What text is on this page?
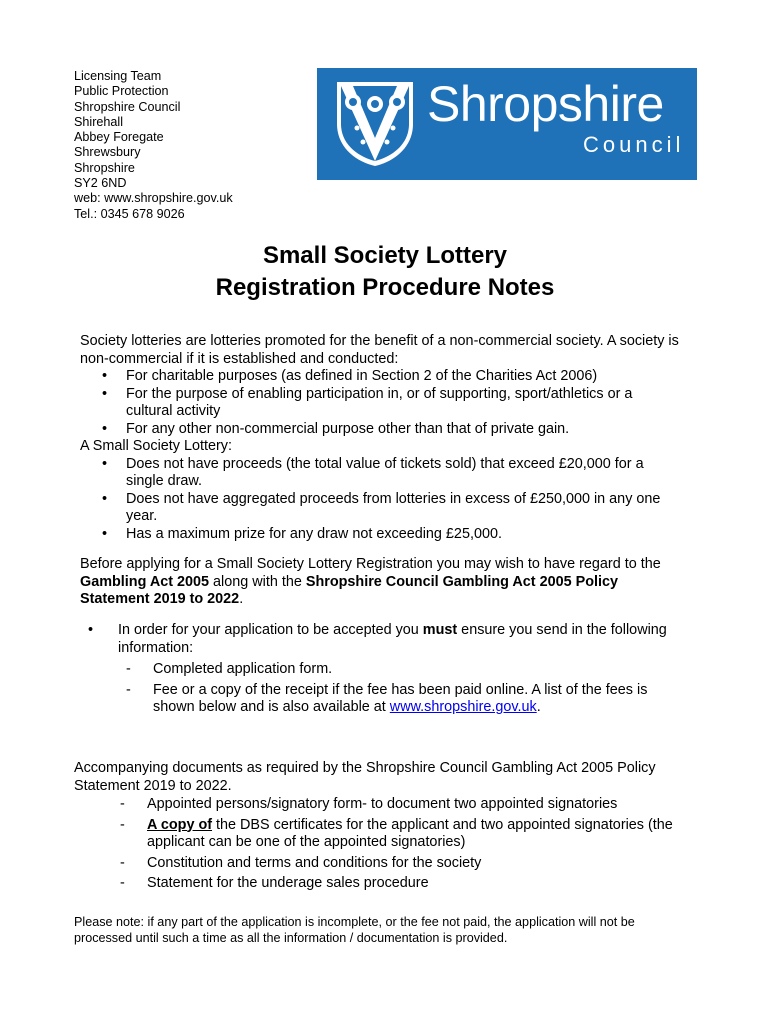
Licensing Team
Public Protection
Shropshire Council
Shirehall
Abbey Foregate
Shrewsbury
Shropshire
SY2 6ND
web: www.shropshire.gov.uk
Tel.: 0345 678 9026
Shropshire
Council
Small Society Lottery
Registration Procedure Notes
Society lotteries are lotteries promoted for the benefit of a non-commercial society. A society is non-commercial if it is established and conducted:
• For charitable purposes (as defined in Section 2 of the Charities Act 2006)
• For the purpose of enabling participation in, or of supporting, sport/athletics or a cultural activity
• For any other non-commercial purpose other than that of private gain.
A Small Society Lottery:
• Does not have proceeds (the total value of tickets sold) that exceed £20,000 for a single draw.
• Does not have aggregated proceeds from lotteries in excess of £250,000 in any one year.
• Has a maximum prize for any draw not exceeding £25,000.
Before applying for a Small Society Lottery Registration you may wish to have regard to the Gambling Act 2005 along with the Shropshire Council Gambling Act 2005 Policy Statement 2019 to 2022.
• In order for your application to be accepted you must ensure you send in the following information:
- Completed application form.
- Fee or a copy of the receipt if the fee has been paid online. A list of the fees is shown below and is also available at www.shropshire.gov.uk.
Accompanying documents as required by the Shropshire Council Gambling Act 2005 Policy Statement 2019 to 2022.
- Appointed persons/signatory form- to document two appointed signatories
- A copy of the DBS certificates for the applicant and two appointed signatories (the applicant can be one of the appointed signatories)
- Constitution and terms and conditions for the society
- Statement for the underage sales procedure
Please note: if any part of the application is incomplete, or the fee not paid, the application will not be processed until such a time as all the information / documentation is provided.
